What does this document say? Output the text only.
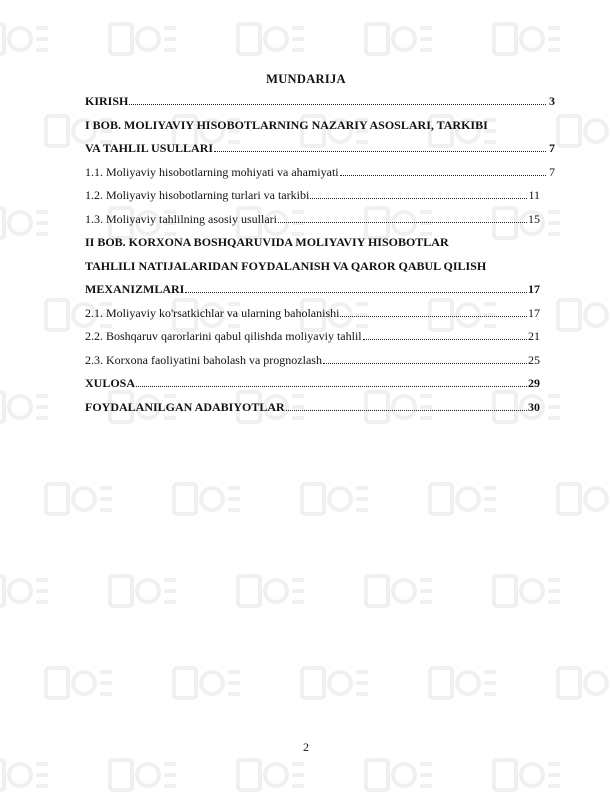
MUNDARIJA
KIRISH	3
I BOB. MOLIYAVIY HISOBOTLARNING NAZARIY ASOSLARI, TARKIBI
VA TAHLIL USULLARI	7
1.1. Moliyaviy hisobotlarning mohiyati va ahamiyati	7
1.2. Moliyaviy hisobotlarning turlari va tarkibi	11
1.3. Moliyaviy tahlilning asosiy usullari	15
II BOB. KORXONA BOSHQARUVIDA MOLIYAVIY HISOBOTLAR
TAHLILI NATIJALARIDAN FOYDALANISH VA QAROR QABUL QILISH
MEXANIZMLARI	17
2.1. Moliyaviy ko'rsatkichlar va ularning baholanishi	17
2.2. Boshqaruv qarorlarini qabul qilishda moliyaviy tahlil	21
2.3. Korxona faoliyatini baholash va prognozlash	25
XULOSA	29
FOYDALANILGAN ADABIYOTLAR	30
2
